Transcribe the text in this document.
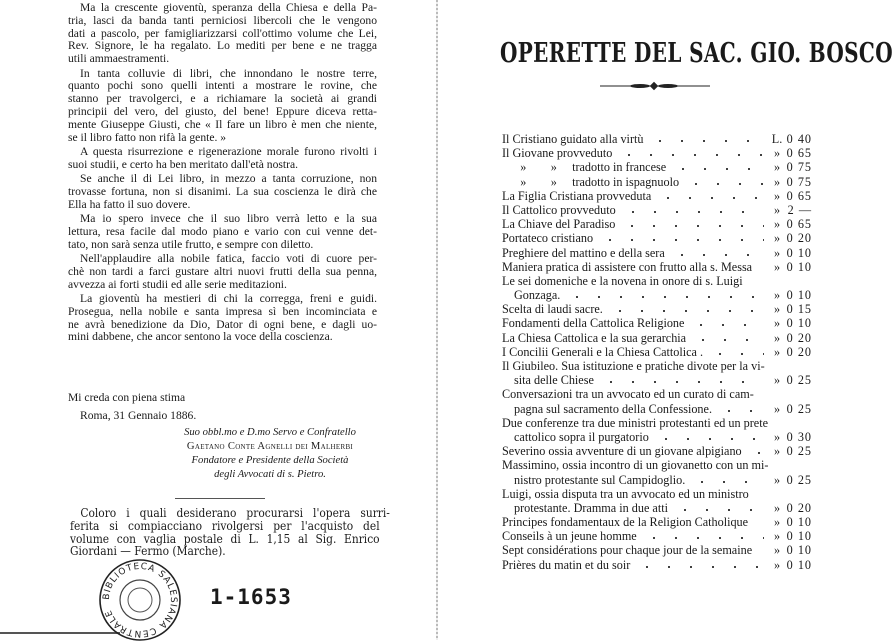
Ma la crescente gioventù, speranza della Chiesa e della Pa-
tria, lasci da banda tanti perniciosi libercoli che le vengono
dati a pascolo, per famigliarizzarsi coll'ottimo volume che Lei,
Rev. Signore, le ha regalato. Lo mediti per bene e ne tragga
utili ammaestramenti.
In tanta colluvie di libri, che innondano le nostre terre,
quanto pochi sono quelli intenti a mostrare le rovine, che
stanno per travolgerci, e a richiamare la società ai grandi
principii del vero, del giusto, del bene! Eppure diceva retta-
mente Giuseppe Giusti, che « Il fare un libro è men che niente,
se il libro fatto non rifà la gente. »
A questa risurrezione e rigenerazione morale furono rivolti i
suoi studii, e certo ha ben meritato dall'età nostra.
Se anche il di Lei libro, in mezzo a tanta corruzione, non
trovasse fortuna, non si disanimi. La sua coscienza le dirà che
Ella ha fatto il suo dovere.
Ma io spero invece che il suo libro verrà letto e la sua
lettura, resa facile dal modo piano e vario con cui venne det-
tato, non sarà senza utile frutto, e sempre con diletto.
Nell'applaudire alla nobile fatica, faccio voti di cuore per-
chè non tardi a farci gustare altri nuovi frutti della sua penna,
avvezza ai forti studii ed alle serie meditazioni.
La gioventù ha mestieri di chi la corregga, freni e guidi.
Prosegua, nella nobile e santa impresa sì ben incominciata e
ne avrà benedizione da Dio, Dator di ogni bene, e dagli uo-
mini dabbene, che ancor sentono la voce della coscienza.
Mi creda con piena stima
Roma, 31 Gennaio 1886.
Suo obbl.mo e D.mo Servo e Confratello
Gaetano Conte Agnelli dei Malherbi
Fondatore e Presidente della Società
degli Avvocati di s. Pietro.
Coloro i quali desiderano procurarsi l'opera surri-
ferita si compiacciano rivolgersi per l'acquisto del
volume con vaglia postale di L. 1,15 al Sig. Enrico
Giordani — Fermo (Marche).
BIBLIOTECA SALESIANA CENTRALE
1-1653
OPERETTE DEL SAC. GIO. BOSCO
Il Cristiano guidato alla virtù	L. 0 40
Il Giovane provveduto	» 0 65
»        »     tradotto in francese	» 0 75
»        »     tradotto in ispagnuolo	» 0 75
La Figlia Cristiana provveduta	» 0 65
Il Cattolico provveduto	» 2 —
La Chiave del Paradiso	» 0 65
Portateco cristiano	» 0 20
Preghiere del mattino e della sera	» 0 10
Maniera pratica di assistere con frutto alla s. Messa	» 0 10
Le sei domeniche e la novena in onore di s. Luigi
Gonzaga.	» 0 10
Scelta di laudi sacre.	» 0 15
Fondamenti della Cattolica Religione	» 0 10
La Chiesa Cattolica e la sua gerarchia	» 0 20
I Concilii Generali e la Chiesa Cattolica .	» 0 20
Il Giubileo. Sua istituzione e pratiche divote per la vi-
sita delle Chiese	» 0 25
Conversazioni tra un avvocato ed un curato di cam-
pagna sul sacramento della Confessione.	» 0 25
Due conferenze tra due ministri protestanti ed un prete
cattolico sopra il purgatorio	» 0 30
Severino ossia avventure di un giovane alpigiano	» 0 25
Massimino, ossia incontro di un giovanetto con un mi-
nistro protestante sul Campidoglio.	» 0 25
Luigi, ossia disputa tra un avvocato ed un ministro
protestante. Dramma in due atti	» 0 20
Principes fondamentaux de la Religion Catholique	» 0 10
Conseils à un jeune homme	» 0 10
Sept considérations pour chaque jour de la semaine	» 0 10
Prières du matin et du soir	» 0 10
